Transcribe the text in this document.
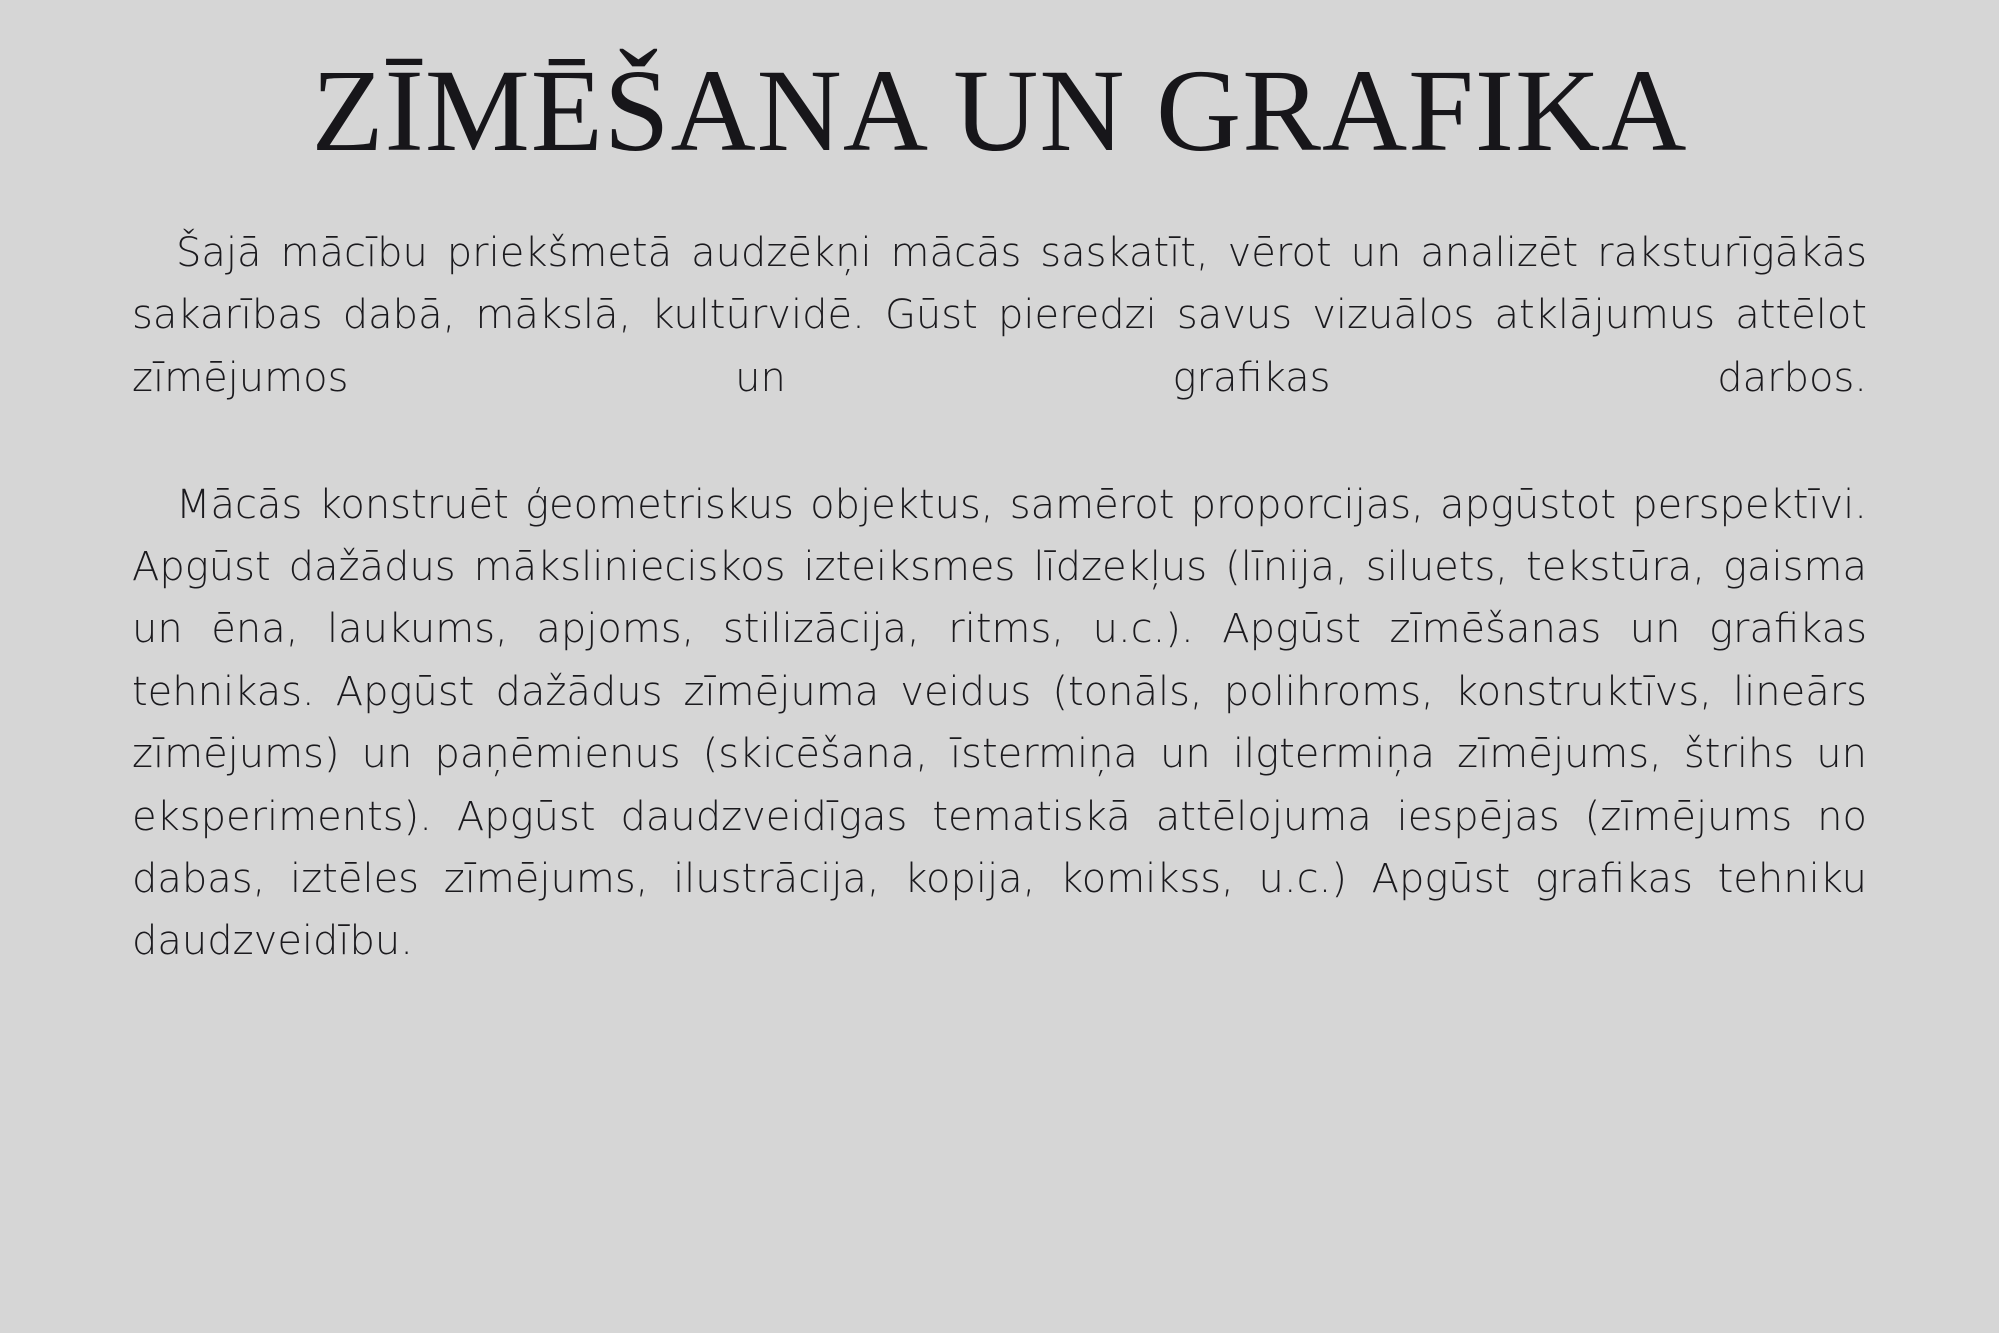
ZĪMĒŠANA UN GRAFIKA

Šajā mācību priekšmetā audzēkņi mācās saskatīt, vērot un analizēt raksturīgākās sakarības dabā, mākslā, kultūrvidē. Gūst pieredzi savus vizuālos atklājumus attēlot zīmējumos un grafikas darbos.

Mācās konstruēt ģeometriskus objektus, samērot proporcijas, apgūstot perspektīvi. Apgūst dažādus mākslinieciskos izteiksmes līdzekļus (līnija, siluets, tekstūra, gaisma un ēna, laukums, apjoms, stilizācija, ritms, u.c.). Apgūst zīmēšanas un grafikas tehnikas. Apgūst dažādus zīmējuma veidus (tonāls, polihroms, konstruktīvs, lineārs zīmējums) un paņēmienus (skicēšana, īstermiņa un ilgtermiņa zīmējums, štrihs un eksperiments). Apgūst daudzveidīgas tematiskā attēlojuma iespējas (zīmējums no dabas, iztēles zīmējums, ilustrācija, kopija, komikss, u.c.) Apgūst grafikas tehniku daudzveidību.
